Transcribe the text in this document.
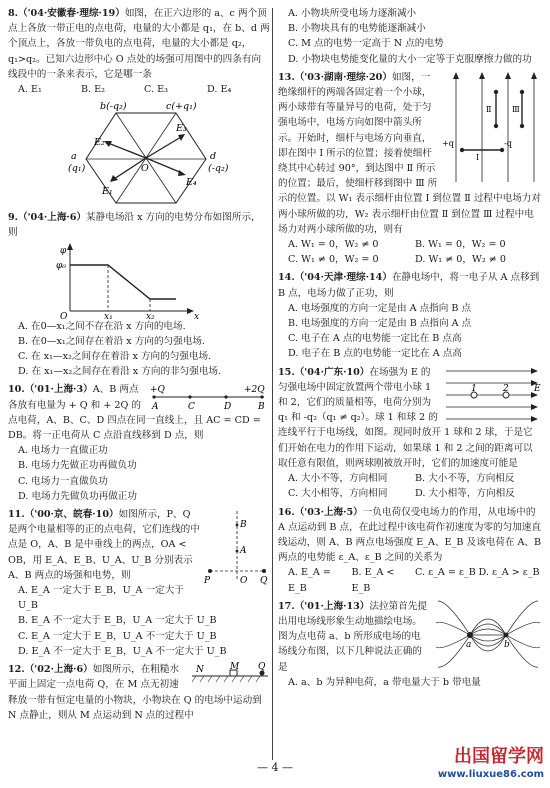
8.（'04·安徽春·理综·19）如图，在正六边形的 a、c 两个顶点上各放一带正电的点电荷，电量的大小都是 q₁，在 b、d 两个顶点上，各放一带负电的点电荷，电量的大小都是 q₂，q₁>q₂。已知六边形中心 O 点处的场强可用图中的四条有向线段中的一条来表示，它是哪一条

A. E₁	B. E₂	C. E₃	D. E₄
b(-q₂)	c(+q₁)
a
(q₁)
d
(-q₂)
O
E₁
E₂
E₃
E₄

9.（'04·上海·6）某静电场沿 x 方向的电势分布如图所示，则

φ
φ₀
O	x₁	x₂	x

A. 在0—x₁之间不存在沿 x 方向的电场.

B. 在0—x₁之间存在着沿 x 方向的匀强电场.

C. 在 x₁—x₂之间存在着沿 x 方向的匀强电场.

D. 在 x₁—x₂之间存在着沿 x 方向的非匀强电场.

+Q	+2Q
A	C	D	B

10.（'01·上海·3）A、B 两点各放有电量为 + Q 和 + 2Q 的点电荷，A、B、C、D 四点在同一直线上，且 AC = CD = DB。将一正电荷从 C 点沿直线移到 D 点，则

A. 电场力一直做正功

B. 电场力先做正功再做负功

C. 电场力一直做负功

D. 电场力先做负功再做正功

P	Q
O
A
B

11.（'00·京、皖春·10）如图所示，P、Q 是两个电量相等的正的点电荷，它们连线的中点是 O，A、B 是中垂线上的两点，OA < OB，用 E_A、E_B、U_A、U_B 分别表示 A、B 两点的场强和电势，则

A. E_A 一定大于 E_B，U_A 一定大于 U_B

B. E_A 不一定大于 E_B，U_A 一定大于 U_B

C. E_A 一定大于 E_B，U_A 不一定大于 U_B

D. E_A 不一定大于 E_B，U_A 不一定大于 U_B

N	M Q

12.（'02·上海·6）如图所示，在粗糙水平面上固定一点电荷 Q，在 M 点无初速释放一带有恒定电量的小物块，小物块在 Q 的电场中运动到 N 点静止，则从 M 点运动到 N 点的过程中

A. 小物块所受电场力逐渐减小

B. 小物块具有的电势能逐渐减小

C. M 点的电势一定高于 N 点的电势

D. 小物块电势能变化量的大小一定等于克服摩擦力做的功

Ⅰ
Ⅱ	Ⅲ
+q	-q

13.（'03·湖南·理综·20）如图，一绝缘细杆的两端各固定着一个小球，两小球带有等量异号的电荷，处于匀强电场中，电场方向如图中箭头所示。开始时，细杆与电场方向垂直，即在图中 Ⅰ 所示的位置；接着使细杆绕其中心转过 90°，到达图中 Ⅱ 所示的位置；最后，使细杆移到图中 Ⅲ 所示的位置。以 W₁ 表示细杆由位置 Ⅰ 到位置 Ⅱ 过程中电场力对两小球所做的功，W₂ 表示细杆由位置 Ⅱ 到位置 Ⅲ 过程中电场力对两小球所做的功，则有

A. W₁ = 0，W₂ ≠ 0	B. W₁ = 0，W₂ = 0
C. W₁ ≠ 0，W₂ = 0	D. W₁ ≠ 0，W₂ ≠ 0

14.（'04·天津·理综·14）在静电场中，将一电子从 A 点移到 B 点，电场力做了正功，则

A. 电场强度的方向一定是由 A 点指向 B 点

B. 电场强度的方向一定是由 B 点指向 A 点

C. 电子在 A 点的电势能一定比在 B 点高

D. 电子在 B 点的电势能一定比在 A 点高

1	2	E

15.（'04·广东·10）在场强为 E 的匀强电场中固定放置两个带电小球 1 和 2，它们的质量相等，电荷分别为 q₁ 和 -q₂（q₁ ≠ q₂）。球 1 和球 2 的连线平行于电场线，如图。现同时放开 1 球和 2 球，于是它们开始在电力的作用下运动，如果球 1 和 2 之间的距离可以取任意有限值，则两球刚被放开时，它们的加速度可能是

A. 大小不等，方向相同	B. 大小不等，方向相反
C. 大小相等，方向相同	D. 大小相等，方向相反

16.（'03·上海·5）一负电荷仅受电场力的作用，从电场中的 A 点运动到 B 点，在此过程中该电荷作初速度为零的匀加速直线运动，则 A、B 两点电场强度 E_A、E_B 及该电荷在 A、B 两点的电势能 ε_A、ε_B 之间的关系为

A. E_A = E_B
B. E_A < E_B
C. ε_A = ε_B D. ε_A > ε_B
a	b

17.（'01·上海·13）法拉第首先提出用电场线形象生动地描绘电场。图为点电荷 a、b 所形成电场的电场线分布图，以下几种说法正确的是

A. a、b 为异种电荷，a 带电量大于 b 带电量

— 4 —
出国留学网
www.liuxue86.com
